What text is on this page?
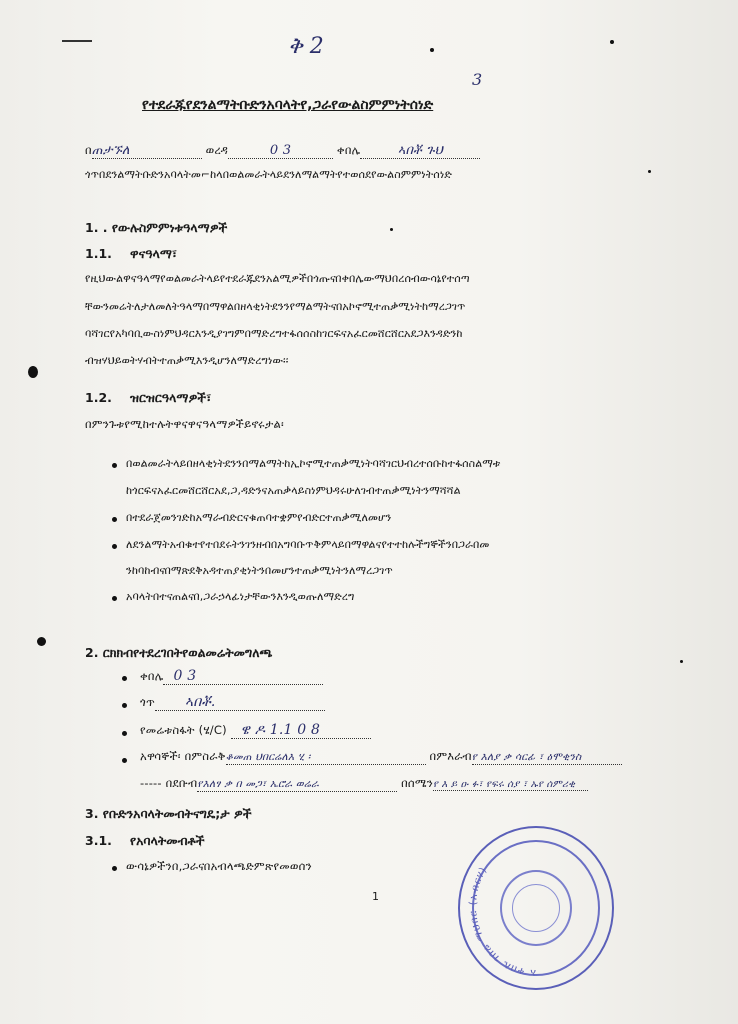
ቅ 2
3
የተደራጁየደንልማትቡድንአባላትየ,ጋራየውልስምምነትሰነድ
በጠታኙለ	ወረዳ	0 3	ቀበሌ	ኣበቾ ጉህ
ጎጥበደንልማትቡድንአባላትመ⌐ከላበወልመራትላይደንለማልማትየተወሰደየውልስምምነትሰነድ
1. . የውሉስምምነቱዓላማዎች
1.1. ዋናዓላማ፣
የዚህውልዋናዓላማየወልመራትላይየተደራጁደንአልሚዎችበጎጡናበቀበሌውማህበረሰብውሳኔየተሰጣ
ቸውንመሬትለታለመለትዓላማበማዋልበዘላቂነትደንንየማልማትናበአኮኖሚተጠቃሚነትከማረጋገጥ
ባሻገርየአካባቢውስነምህዳርእንዲያገግምበማድረግተፋሰሰስከገርፍናአፈርመሸርሸርአደጋእንዳድንከ
ብዝሃህይወትሃብትተጠቃሚእንዲሆንለማድረግነው፡፡
1.2. ዝርዝርዓላማዎች፣
በምንጉቱየሚከተሉትዋናዋናዓላማዎችይኖሩታል፡
በወልመራትላይበዘላቂነትደንንበማልማትከኢኮኖሚተጠቃሚነትባሻገርህብረተሰቡከተፋሰስልማቱ
ከጎርፍናአፈርመሸርሸርአደ,ጋ,ዳድንናአጠቃላይስነምህዳሩሁለገብተጠቃሚነትንማሻሻል
በተደራጀመንገድከአማራብድርናቁጠባተቋምየብድርተጠቃሚለመሆን
ለደንልማትአብቁተየተበደሩትንገንዘብበአግባቡጥቅምላይበማዋልናየተተከሉችግኞችንበጋራበመ
ንከባከብናበማጽደቅአዳተጠያቂነትንበመሆንተጠቃሚነትንለማረጋገጥ
አባላትበተናጠልናበ,ጋራኃላፊነታቸውንእንዲወጡለማድረግ
2. ርክክብየተደረገበትየወልመሬትመግለጫ
ቀበሌ 0 3
ጎጥ ኣበቾ.
የመሬቱስፋት (ሄ/C) ዌ ዶ 1.1 0 8
አዋሳኞች፡ በምስራቅቆመጠ ህበርሬለእ ሂ ፡	በምእራብየ እለያ ቃ ሳርፊ ፣ ዕሞቂንስ
----- በደቡብየእለፃ ቃ በ መጋ፣ ኤሮራ ወሬራ	በሰሜንየ እ ይ ዑ ፉ፣ የፍሩ ሰያ ፣ ኡየ ሰምሪቂ
3. የቡድንአባላትመብትናግዴ;ታ ዎች
3.1. የአባላትመብቶች
ውሳኔዎችንበ,ጋራናበአብላጫድምጽየመወሰን
1
አ ቀበሌ ገበሬ ማህበር (አብርሃ)
